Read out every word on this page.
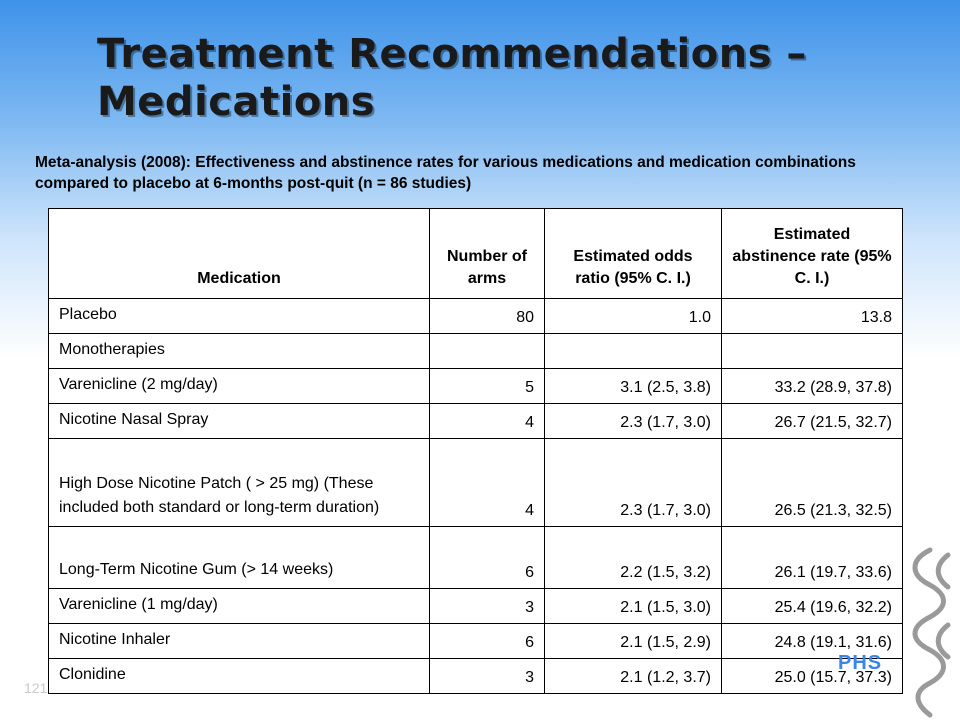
Treatment Recommendations – Medications
Meta-analysis (2008): Effectiveness and abstinence rates for various medications and medication combinations compared to placebo at 6-months post-quit (n = 86 studies)
Medication	Number of arms	Estimated odds ratio (95% C. I.)	Estimated abstinence rate (95% C. I.)
Placebo	80	1.0	13.8
Monotherapies			
Varenicline (2 mg/day)	5	3.1 (2.5, 3.8)	33.2 (28.9, 37.8)
Nicotine Nasal Spray	4	2.3 (1.7, 3.0)	26.7 (21.5, 32.7)
High Dose Nicotine Patch ( > 25 mg) (These included both standard or long-term duration)	4	2.3 (1.7, 3.0)	26.5 (21.3, 32.5)
Long-Term Nicotine Gum (> 14 weeks)	6	2.2 (1.5, 3.2)	26.1 (19.7, 33.6)
Varenicline (1 mg/day)	3	2.1 (1.5, 3.0)	25.4 (19.6, 32.2)
Nicotine Inhaler	6	2.1 (1.5, 2.9)	24.8 (19.1, 31.6)
Clonidine	3	2.1 (1.2, 3.7)	25.0 (15.7, 37.3)
PHS
121
